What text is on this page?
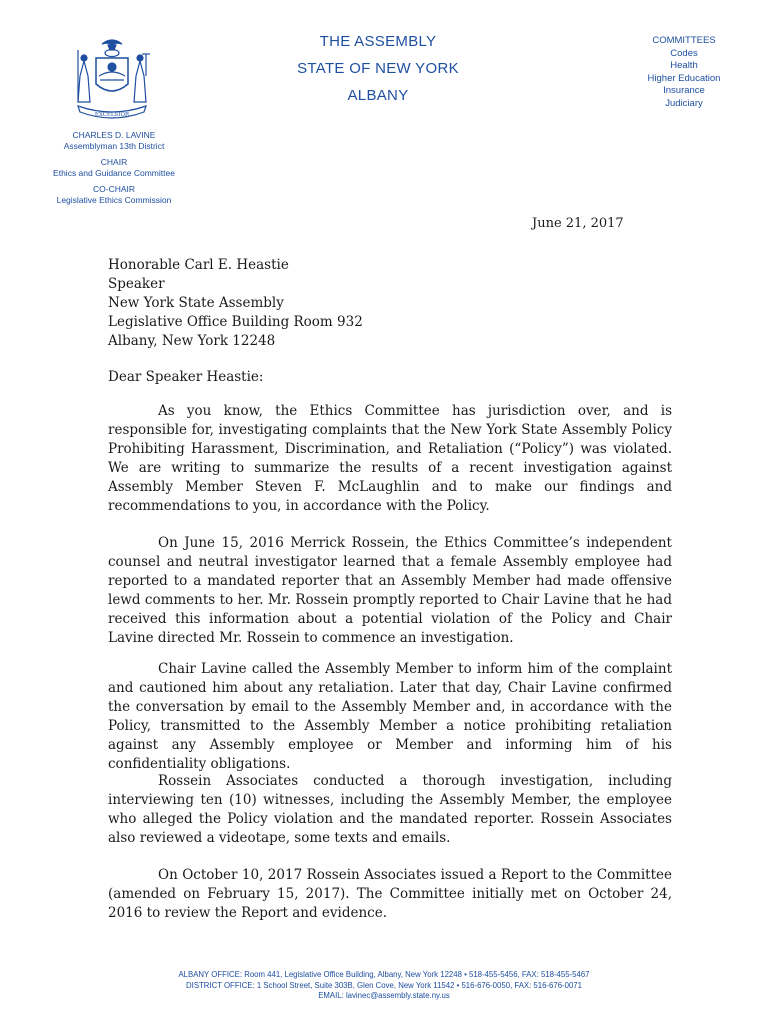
EXCELSIOR
THE ASSEMBLY
STATE OF NEW YORK
ALBANY
COMMITTEES
Codes
Health
Higher Education
Insurance
Judiciary
CHARLES D. LAVINE
Assemblyman 13th District
CHAIR
Ethics and Guidance Committee
CO-CHAIR
Legislative Ethics Commission
June 21, 2017
Honorable Carl E. Heastie
Speaker
New York State Assembly
Legislative Office Building Room 932
Albany, New York 12248
Dear Speaker Heastie:

As you know, the Ethics Committee has jurisdiction over, and is responsible for, investigating complaints that the New York State Assembly Policy Prohibiting Harassment, Discrimination, and Retaliation (“Policy”) was violated. We are writing to summarize the results of a recent investigation against Assembly Member Steven F. McLaughlin and to make our findings and recommendations to you, in accordance with the Policy.

On June 15, 2016 Merrick Rossein, the Ethics Committee’s independent counsel and neutral investigator learned that a female Assembly employee had reported to a mandated reporter that an Assembly Member had made offensive lewd comments to her. Mr. Rossein promptly reported to Chair Lavine that he had received this information about a potential violation of the Policy and Chair Lavine directed Mr. Rossein to commence an investigation.

Chair Lavine called the Assembly Member to inform him of the complaint and cautioned him about any retaliation. Later that day, Chair Lavine confirmed the conversation by email to the Assembly Member and, in accordance with the Policy, transmitted to the Assembly Member a notice prohibiting retaliation against any Assembly employee or Member and informing him of his confidentiality obligations.

Rossein Associates conducted a thorough investigation, including interviewing ten (10) witnesses, including the Assembly Member, the employee who alleged the Policy violation and the mandated reporter. Rossein Associates also reviewed a videotape, some texts and emails.

On October 10, 2017 Rossein Associates issued a Report to the Committee (amended on February 15, 2017). The Committee initially met on October 24, 2016 to review the Report and evidence.

ALBANY OFFICE: Room 441, Legislative Office Building, Albany, New York 12248 • 518-455-5456, FAX: 518-455-5467
DISTRICT OFFICE: 1 School Street, Suite 303B, Glen Cove, New York 11542 • 516-676-0050, FAX: 516-676-0071
EMAIL: lavinec@assembly.state.ny.us
